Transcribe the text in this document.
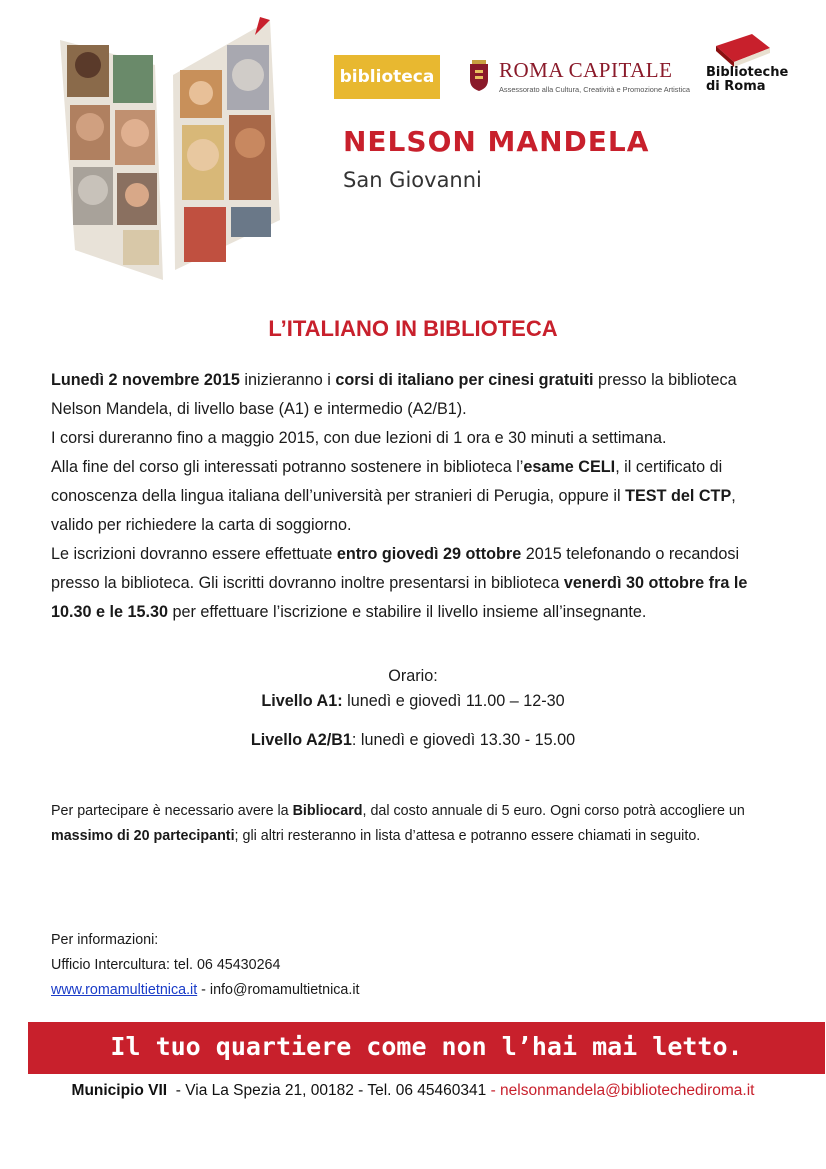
biblioteca	ROMA CAPITALE
Assessorato alla Cultura, Creatività e Promozione Artistica
Biblioteche
di Roma
NELSON MANDELA
San Giovanni
L’ITALIANO IN BIBLIOTECA
Lunedì 2 novembre 2015 inizieranno i corsi di italiano per cinesi gratuiti presso la biblioteca Nelson Mandela, di livello base (A1) e intermedio (A2/B1).
I corsi dureranno fino a maggio 2015, con due lezioni di 1 ora e 30 minuti a settimana.
Alla fine del corso gli interessati potranno sostenere in biblioteca l’esame CELI, il certificato di conoscenza della lingua italiana dell’università per stranieri di Perugia, oppure il TEST del CTP, valido per richiedere la carta di soggiorno.
Le iscrizioni dovranno essere effettuate entro giovedì 29 ottobre 2015 telefonando o recandosi presso la biblioteca. Gli iscritti dovranno inoltre presentarsi in biblioteca venerdì 30 ottobre fra le 10.30 e le 15.30 per effettuare l’iscrizione e stabilire il livello insieme all’insegnante.
Orario:
Livello A1: lunedì e giovedì 11.00 – 12-30
Livello A2/B1: lunedì e giovedì 13.30 - 15.00
Per partecipare è necessario avere la Bibliocard, dal costo annuale di 5 euro. Ogni corso potrà accogliere un massimo di 20 partecipanti; gli altri resteranno in lista d’attesa e potranno essere chiamati in seguito.
Per informazioni:
Ufficio Intercultura: tel. 06 45430264
www.romamultietnica.it - info@romamultietnica.it
Il tuo quartiere come non l’hai mai letto.
Municipio VII  - Via La Spezia 21, 00182 - Tel. 06 45460341 - nelsonmandela@bibliotechediroma.it
